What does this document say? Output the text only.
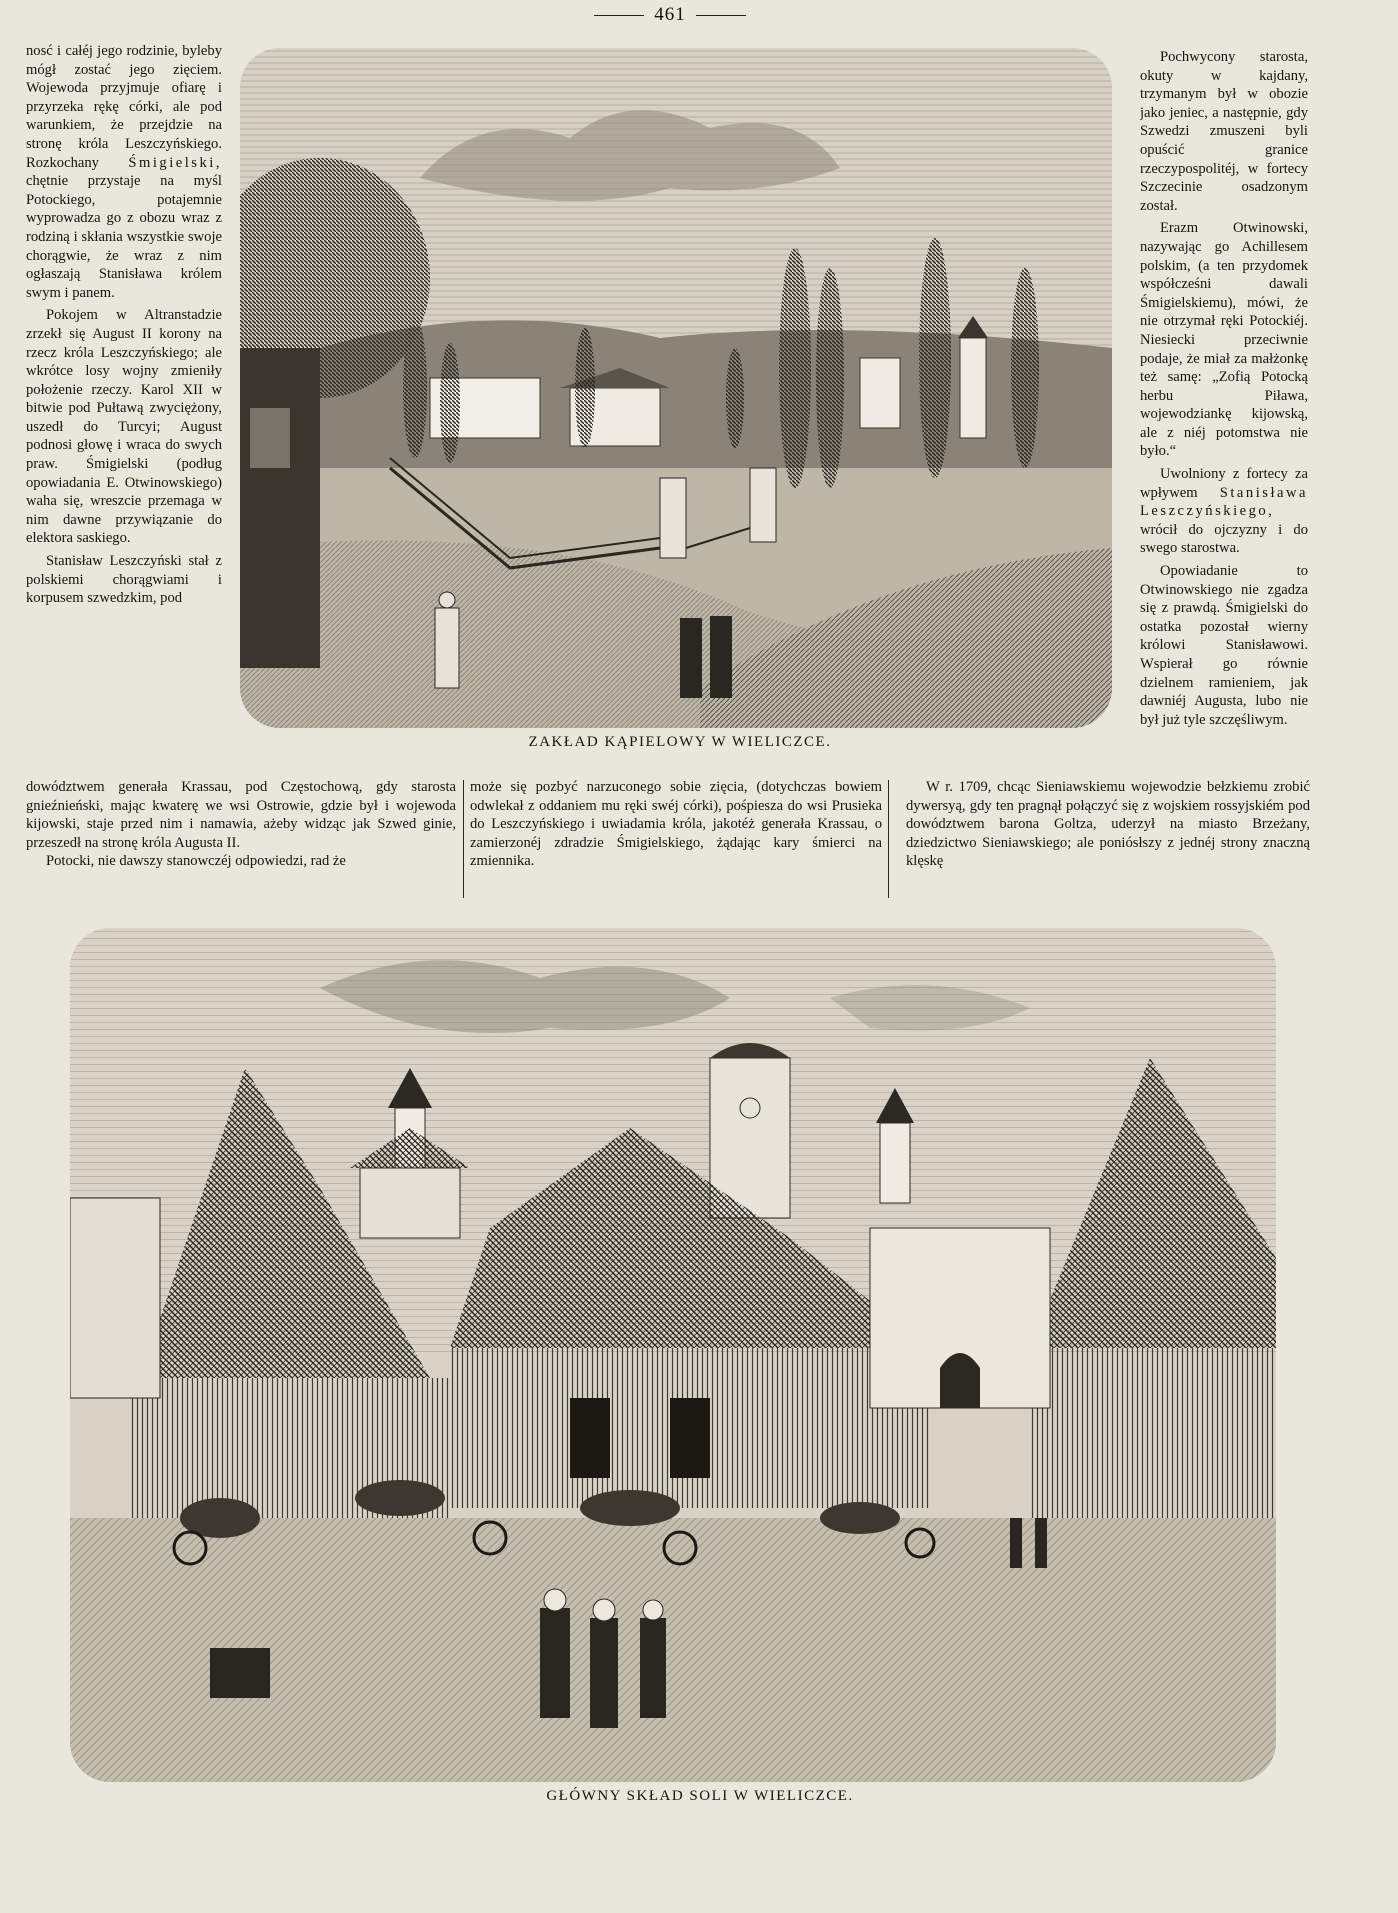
461

nosć i całéj jego rodzinie, byleby mógł zostać jego zięciem. Wojewoda przyjmuje ofiarę i przyrzeka rękę córki, ale pod warunkiem, że przejdzie na stronę króla Leszczyńskiego. Rozkochany Śmigielski, chętnie przystaje na myśl Potockiego, potajemnie wyprowadza go z obozu wraz z rodziną i skłania wszystkie swoje chorągwie, że wraz z nim ogłaszają Stanisława królem swym i panem.

Pokojem w Altranstadzie zrzekł się August II korony na rzecz króla Leszczyńskiego; ale wkrótce losy wojny zmieniły położenie rzeczy. Karol XII w bitwie pod Pułtawą zwyciężony, uszedł do Turcyi; August podnosi głowę i wraca do swych praw. Śmigielski (podług opowiadania E. Otwinowskiego) waha się, wreszcie przemaga w nim dawne przywiązanie do elektora saskiego.

Stanisław Leszczyński stał z polskiemi chorągwiami i korpusem szwedzkim, pod

Pochwycony starosta, okuty w kajdany, trzymanym był w obozie jako jeniec, a następnie, gdy Szwedzi zmuszeni byli opuścić granice rzeczypospolitéj, w fortecy Szczecinie osadzonym został.

Erazm Otwinowski, nazywając go Achillesem polskim, (a ten przydomek współcześni dawali Śmigielskiemu), mówi, że nie otrzymał ręki Potockiéj. Niesiecki przeciwnie podaje, że miał za małżonkę też samę: „Zofią Potocką herbu Piława, wojewodziankę kijowską, ale z niéj potomstwa nie było.“

Uwolniony z fortecy za wpływem Stanisława Leszczyńskiego, wrócił do ojczyzny i do swego starostwa.

Opowiadanie to Otwinowskiego nie zgadza się z prawdą. Śmigielski do ostatka pozostał wierny królowi Stanisławowi. Wspierał go równie dzielnem ramieniem, jak dawniéj Augusta, lubo nie był już tyle szczęśliwym.

ZAKŁAD KĄPIELOWY W WIELICZCE.

dowództwem generała Krassau, pod Częstochową, gdy starosta gnieźnieński, mając kwaterę we wsi Ostrowie, gdzie był i wojewoda kijowski, staje przed nim i namawia, ażeby widząc jak Szwed ginie, przeszedł na stronę króla Augusta II.

Potocki, nie dawszy stanowczéj odpowiedzi, rad że

może się pozbyć narzuconego sobie zięcia, (dotychczas bowiem odwlekał z oddaniem mu ręki swéj córki), pośpiesza do wsi Prusieka do Leszczyńskiego i uwiadamia króla, jakotéż generała Krassau, o zamierzonéj zdradzie Śmigielskiego, żądając kary śmierci na zmiennika.

W r. 1709, chcąc Sieniawskiemu wojewodzie bełzkiemu zrobić dywersyą, gdy ten pragnął połączyć się z wojskiem rossyjskiém pod dowództwem barona Goltza, uderzył na miasto Brzeżany, dziedzictwo Sieniawskiego; ale poniósłszy z jednéj strony znaczną klęskę

GŁÓWNY SKŁAD SOLI W WIELICZCE.
